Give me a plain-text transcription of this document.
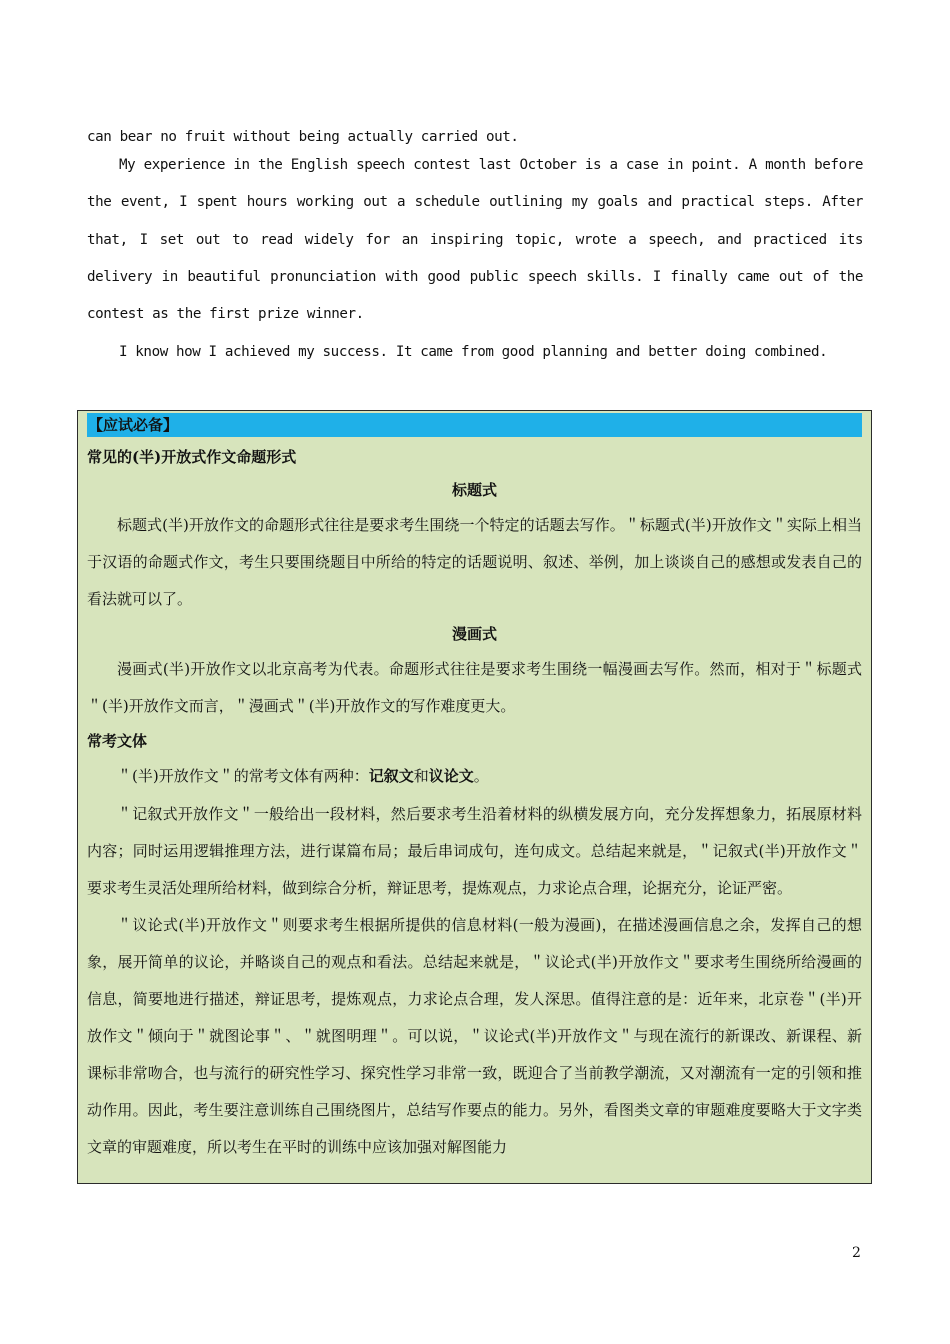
can bear no fruit without being actually carried out.

My experience in the English speech contest last October is a case in point. A month before the event, I spent hours working out a schedule outlining my goals and practical steps. After that, I set out to read widely for an inspiring topic, wrote a speech, and practiced its delivery in beautiful pronunciation with good public speech skills. I finally came out of the contest as the first prize winner.

I know how I achieved my success. It came from good planning and better doing combined.

【应试必备】

常见的(半)开放式作文命题形式

标题式

标题式(半)开放作文的命题形式往往是要求考生围绕一个特定的话题去写作。＂标题式(半)开放作文＂实际上相当于汉语的命题式作文，考生只要围绕题目中所给的特定的话题说明、叙述、举例，加上谈谈自己的感想或发表自己的看法就可以了。

漫画式

漫画式(半)开放作文以北京高考为代表。命题形式往往是要求考生围绕一幅漫画去写作。然而，相对于＂标题式＂(半)开放作文而言，＂漫画式＂(半)开放作文的写作难度更大。

常考文体

＂(半)开放作文＂的常考文体有两种：记叙文和议论文。

＂记叙式开放作文＂一般给出一段材料，然后要求考生沿着材料的纵横发展方向，充分发挥想象力，拓展原材料内容；同时运用逻辑推理方法，进行谋篇布局；最后串词成句，连句成文。总结起来就是，＂记叙式(半)开放作文＂要求考生灵活处理所给材料，做到综合分析，辩证思考，提炼观点，力求论点合理，论据充分，论证严密。

＂议论式(半)开放作文＂则要求考生根据所提供的信息材料(一般为漫画)，在描述漫画信息之余，发挥自己的想象，展开简单的议论，并略谈自己的观点和看法。总结起来就是，＂议论式(半)开放作文＂要求考生围绕所给漫画的信息，简要地进行描述，辩证思考，提炼观点，力求论点合理，发人深思。值得注意的是：近年来，北京卷＂(半)开放作文＂倾向于＂就图论事＂、＂就图明理＂。可以说，＂议论式(半)开放作文＂与现在流行的新课改、新课程、新课标非常吻合，也与流行的研究性学习、探究性学习非常一致，既迎合了当前教学潮流，又对潮流有一定的引领和推动作用。因此，考生要注意训练自己围绕图片，总结写作要点的能力。另外，看图类文章的审题难度要略大于文字类文章的审题难度，所以考生在平时的训练中应该加强对解图能力

2
